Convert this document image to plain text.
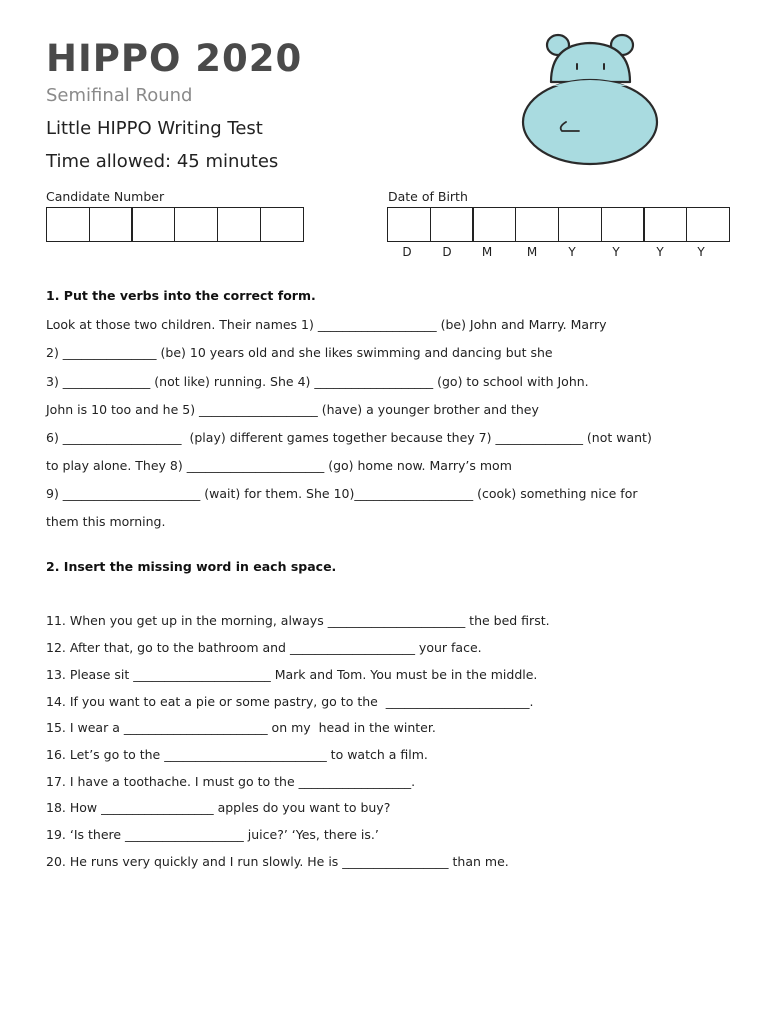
HIPPO 2020
Semifinal Round
Little HIPPO Writing Test
Time allowed: 45 minutes
Candidate Number	Date of Birth
D	D	M	M	Y	Y	Y	Y
1. Put the verbs into the correct form.
Look at those two children. Their names 1) ___________________ (be) John and Marry. Marry
2) _______________ (be) 10 years old and she likes swimming and dancing but she
3) ______________ (not like) running. She 4) ___________________ (go) to school with John.
John is 10 too and he 5) ___________________ (have) a younger brother and they
6) ___________________  (play) different games together because they 7) ______________ (not want)
to play alone. They 8) ______________________ (go) home now. Marry’s mom
9) ______________________ (wait) for them. She 10)___________________ (cook) something nice for
them this morning.
2. Insert the missing word in each space.
11. When you get up in the morning, always ______________________ the bed first.
12. After that, go to the bathroom and ____________________ your face.
13. Please sit ______________________ Mark and Tom. You must be in the middle.
14. If you want to eat a pie or some pastry, go to the  _______________________.
15. I wear a _______________________ on my  head in the winter.
16. Let’s go to the __________________________ to watch a film.
17. I have a toothache. I must go to the __________________.
18. How __________________ apples do you want to buy?
19. ‘Is there ___________________ juice?’ ‘Yes, there is.’
20. He runs very quickly and I run slowly. He is _________________ than me.
